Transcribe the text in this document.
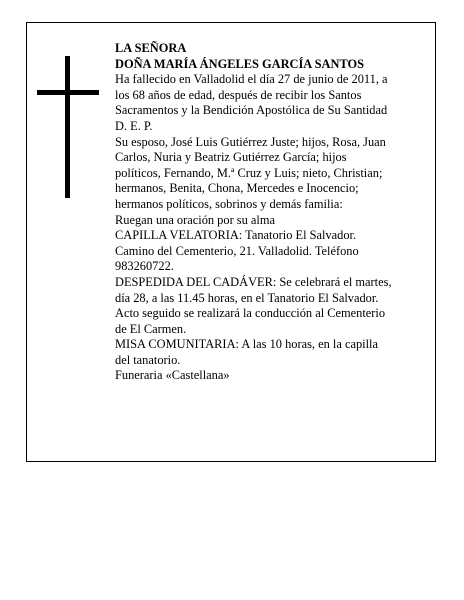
LA SEÑORA
DOÑA MARÍA ÁNGELES GARCÍA SANTOS
Ha fallecido en Valladolid el día 27 de junio de 2011, a
los 68 años de edad, después de recibir los Santos
Sacramentos y la Bendición Apostólica de Su Santidad
D. E. P.
Su esposo, José Luis Gutiérrez Juste; hijos, Rosa, Juan
Carlos, Nuria y Beatriz Gutiérrez García; hijos
políticos, Fernando, M.ª Cruz y Luis; nieto, Christian;
hermanos, Benita, Chona, Mercedes e Inocencio;
hermanos políticos, sobrinos y demás familia:
Ruegan una oración por su alma
CAPILLA VELATORIA: Tanatorio El Salvador.
Camino del Cementerio, 21. Valladolid. Teléfono
983260722.
DESPEDIDA DEL CADÁVER: Se celebrará el martes,
día 28, a las 11.45 horas, en el Tanatorio El Salvador.
Acto seguido se realizará la conducción al Cementerio
de El Carmen.
MISA COMUNITARIA: A las 10 horas, en la capilla
del tanatorio.
Funeraria «Castellana»
